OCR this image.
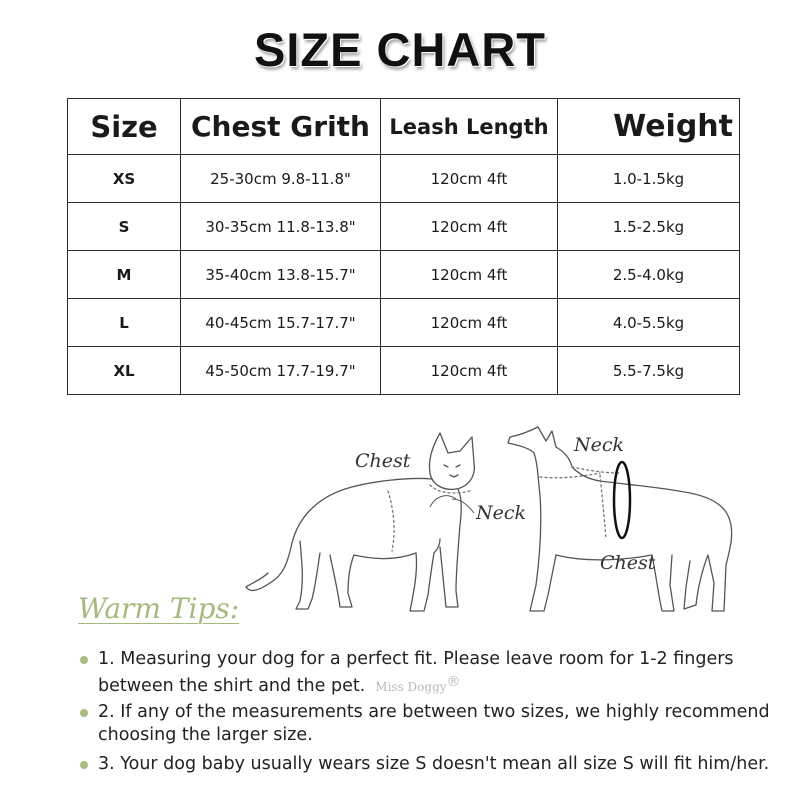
SIZE CHART
Size	Chest Grith	Leash Length	Weight
XS	25-30cm 9.8-11.8"	120cm 4ft	1.0-1.5kg
S	30-35cm 11.8-13.8"	120cm 4ft	1.5-2.5kg
M	35-40cm 13.8-15.7"	120cm 4ft	2.5-4.0kg
L	40-45cm 15.7-17.7"	120cm 4ft	4.0-5.5kg
XL	45-50cm 17.7-19.7"	120cm 4ft	5.5-7.5kg
Chest
Neck
Neck
Chest
Warm Tips:
1. Measuring your dog for a perfect fit. Please leave room for 1-2 fingers between the shirt and the pet. Miss Doggy®
2. If any of the measurements are between two sizes, we highly recommend choosing the larger size.
3. Your dog baby usually wears size S doesn't mean all size S will fit him/her.
